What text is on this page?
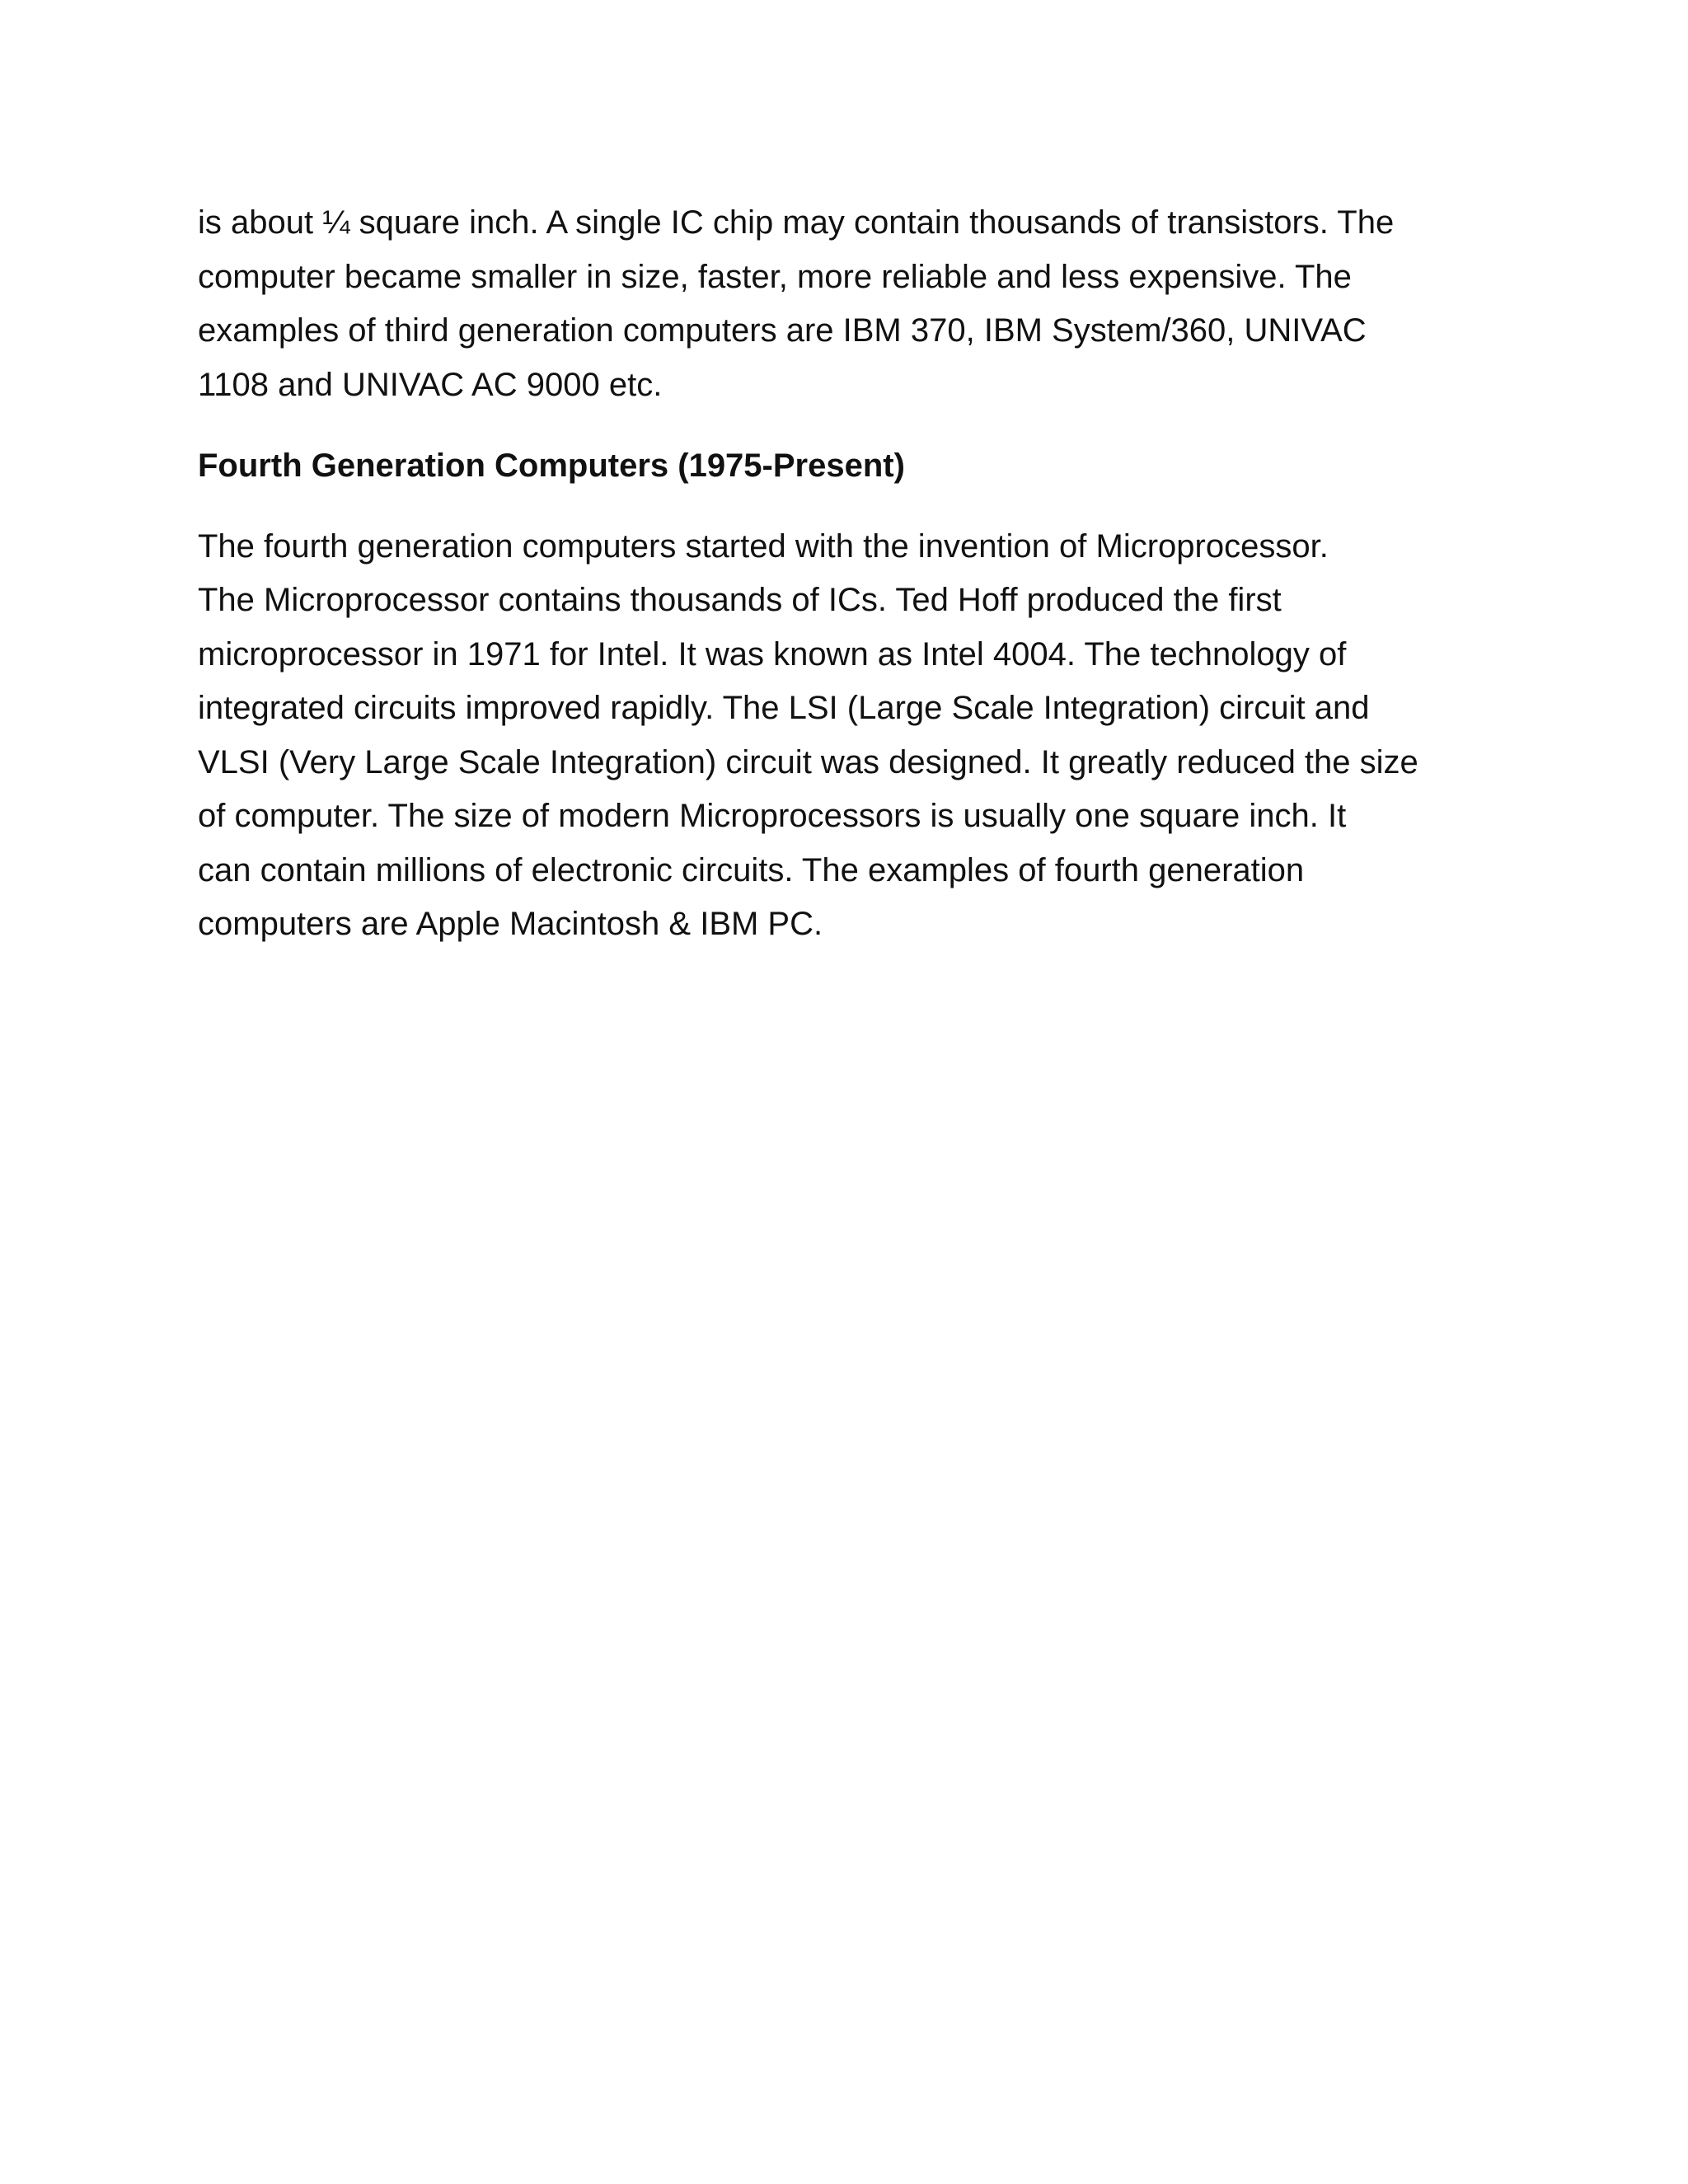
is about ¼ square inch. A single IC chip may contain thousands of transistors. The
computer became smaller in size, faster, more reliable and less expensive. The
examples of third generation computers are IBM 370, IBM System/360, UNIVAC
1108 and UNIVAC AC 9000 etc.

Fourth Generation Computers (1975-Present)

The fourth generation computers started with the invention of Microprocessor.
The Microprocessor contains thousands of ICs. Ted Hoff produced the first
microprocessor in 1971 for Intel. It was known as Intel 4004. The technology of
integrated circuits improved rapidly. The LSI (Large Scale Integration) circuit and
VLSI (Very Large Scale Integration) circuit was designed. It greatly reduced the size
of computer. The size of modern Microprocessors is usually one square inch. It
can contain millions of electronic circuits. The examples of fourth generation
computers are Apple Macintosh & IBM PC.
